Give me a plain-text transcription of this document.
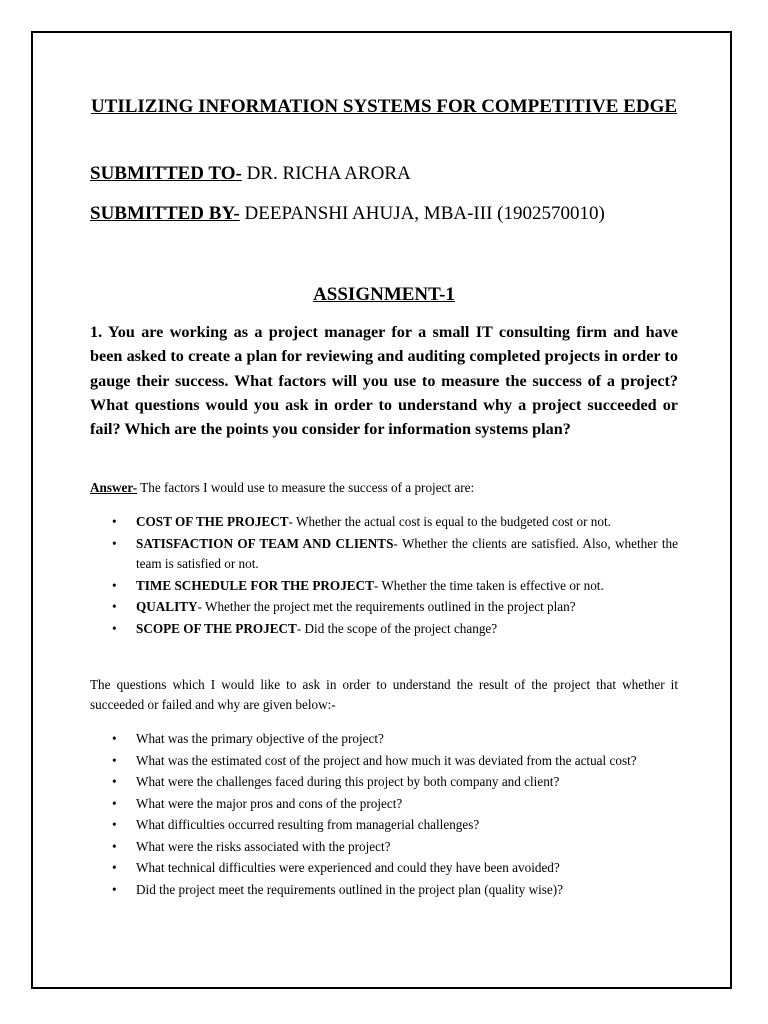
UTILIZING INFORMATION SYSTEMS FOR COMPETITIVE EDGE
SUBMITTED TO- DR. RICHA ARORA
SUBMITTED BY- DEEPANSHI AHUJA, MBA-III (1902570010)
ASSIGNMENT-1
1. You are working as a project manager for a small IT consulting firm and have been asked to create a plan for reviewing and auditing completed projects in order to gauge their success. What factors will you use to measure the success of a project? What questions would you ask in order to understand why a project succeeded or fail? Which are the points you consider for information systems plan?
Answer- The factors I would use to measure the success of a project are:
• COST OF THE PROJECT- Whether the actual cost is equal to the budgeted cost or not.
• SATISFACTION OF TEAM AND CLIENTS- Whether the clients are satisfied. Also, whether the team is satisfied or not.
• TIME SCHEDULE FOR THE PROJECT- Whether the time taken is effective or not.
• QUALITY- Whether the project met the requirements outlined in the project plan?
• SCOPE OF THE PROJECT- Did the scope of the project change?
The questions which I would like to ask in order to understand the result of the project that whether it succeeded or failed and why are given below:-
• What was the primary objective of the project?
• What was the estimated cost of the project and how much it was deviated from the actual cost?
• What were the challenges faced during this project by both company and client?
• What were the major pros and cons of the project?
• What difficulties occurred resulting from managerial challenges?
• What were the risks associated with the project?
• What technical difficulties were experienced and could they have been avoided?
• Did the project meet the requirements outlined in the project plan (quality wise)?
